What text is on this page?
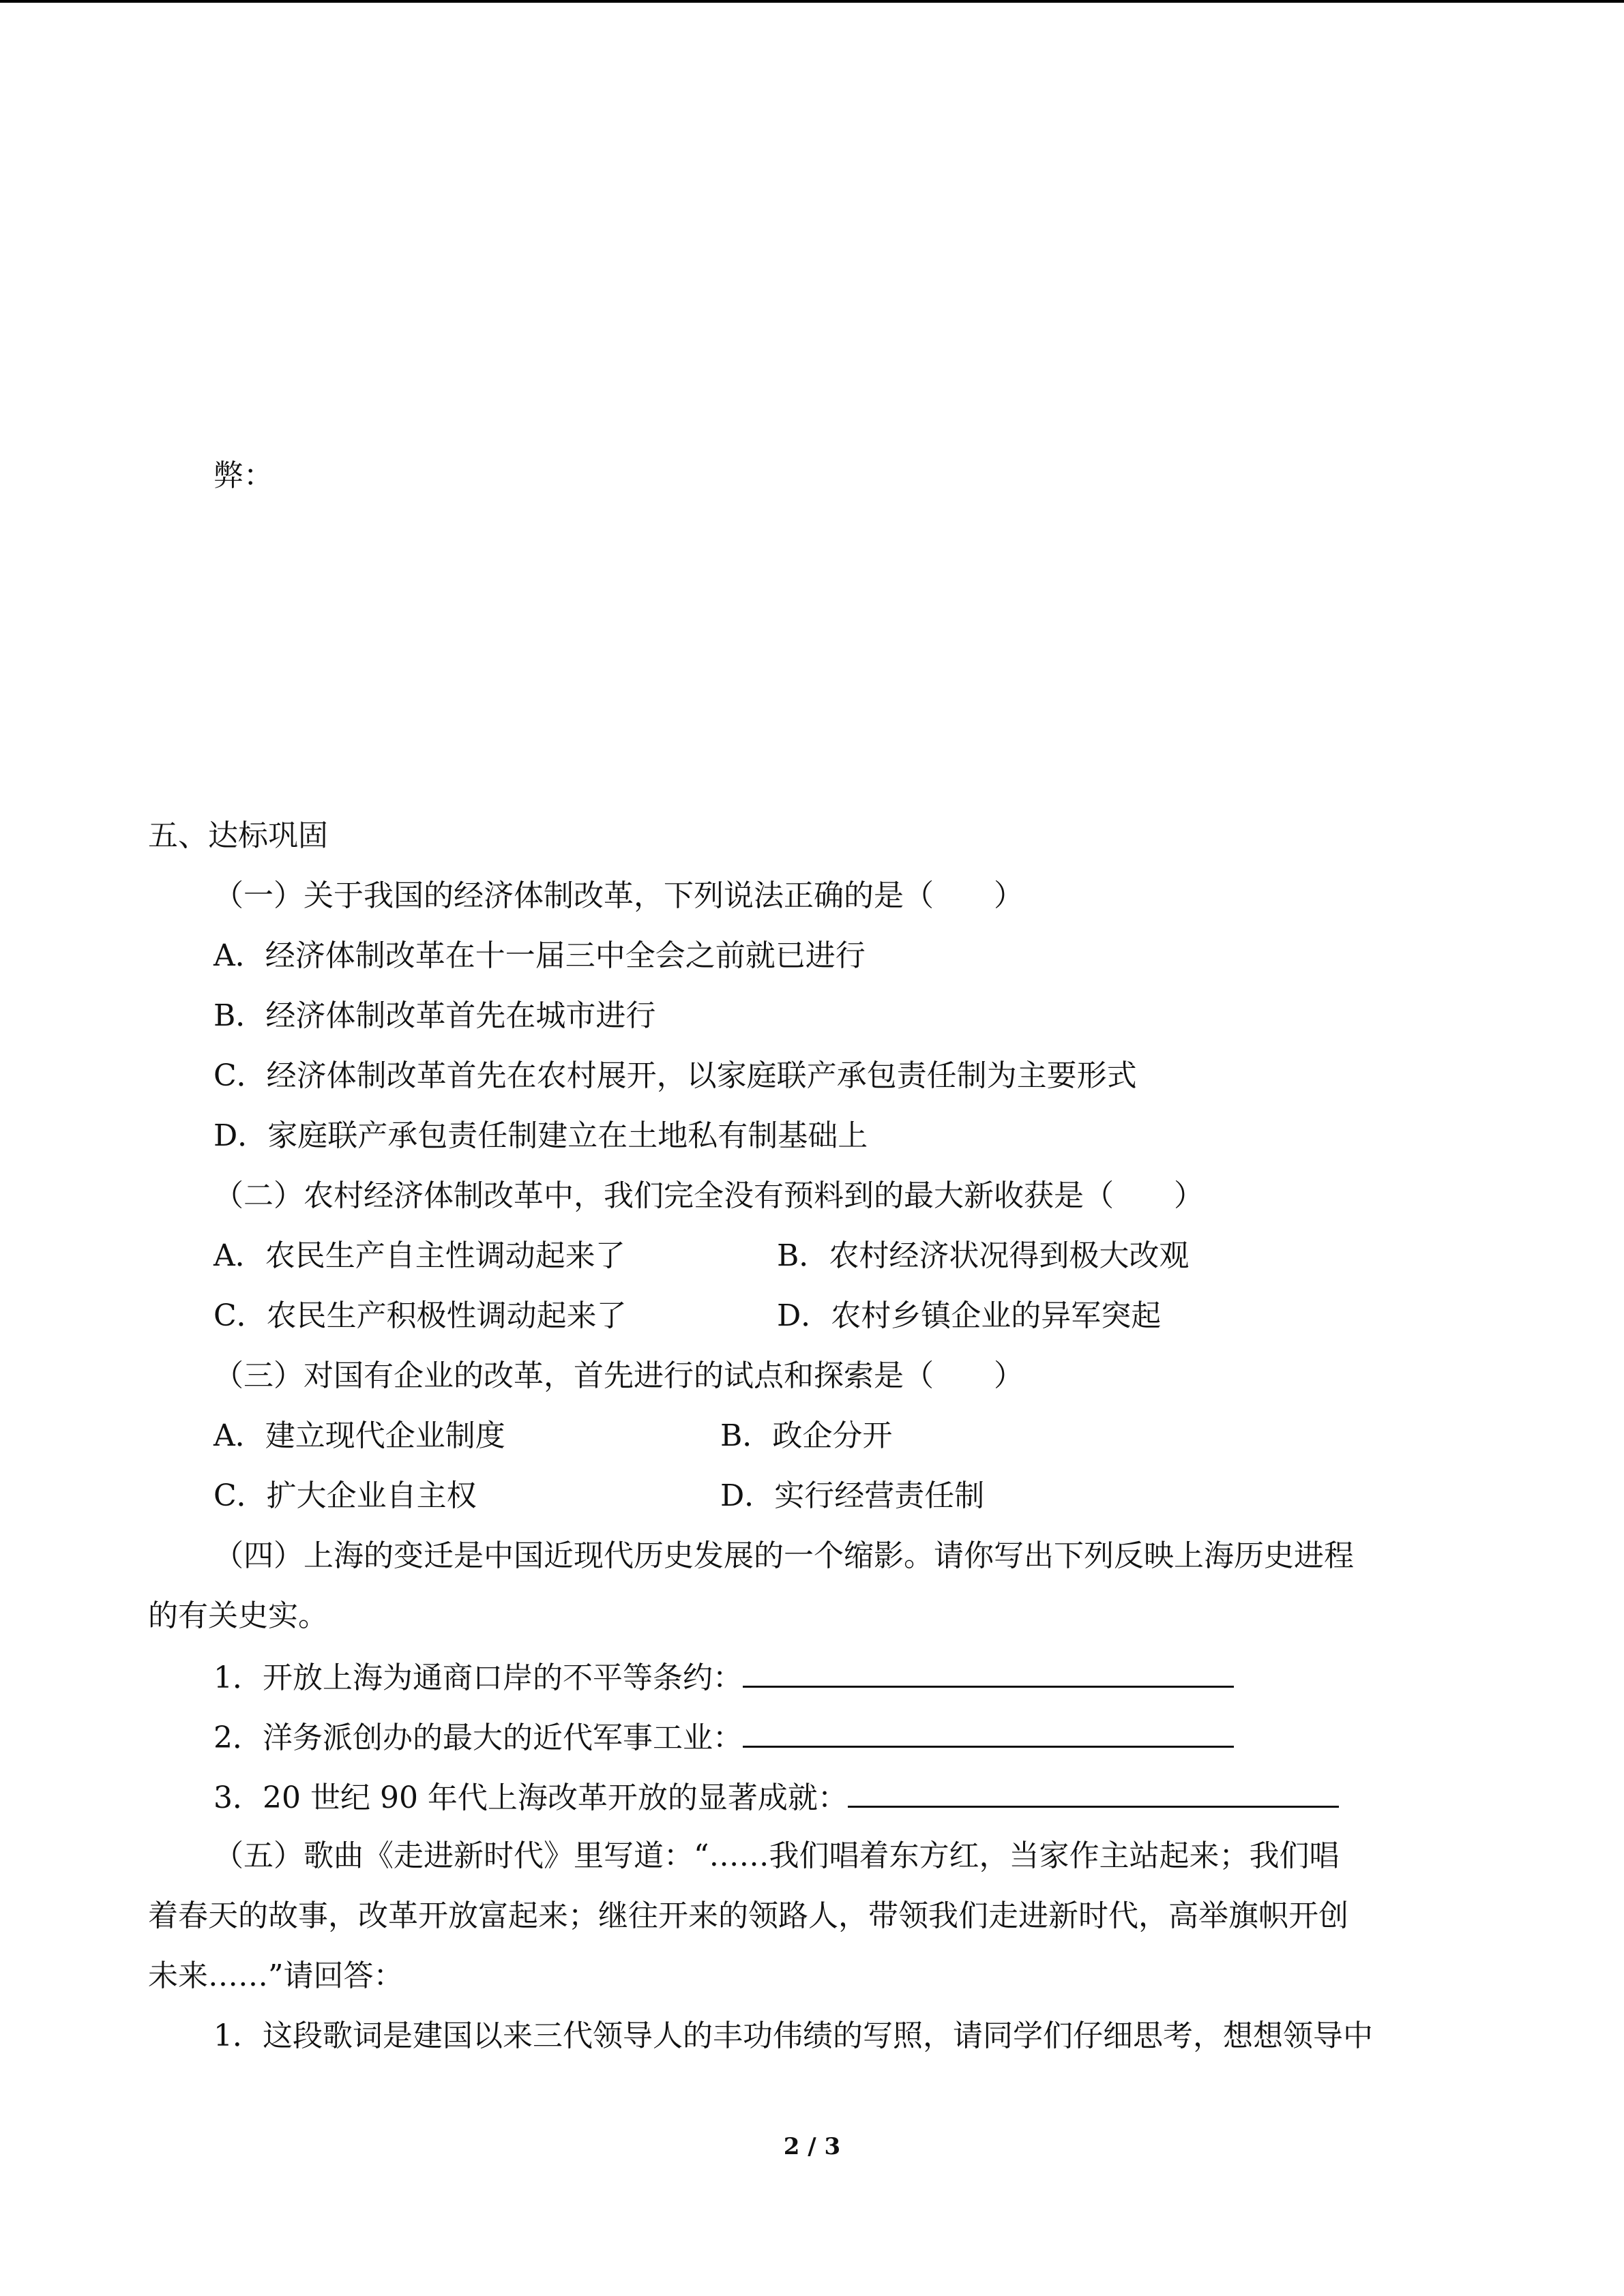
弊：
五、达标巩固
（一）关于我国的经济体制改革，下列说法正确的是（　　）
A．经济体制改革在十一届三中全会之前就已进行
B．经济体制改革首先在城市进行
C．经济体制改革首先在农村展开，以家庭联产承包责任制为主要形式
D．家庭联产承包责任制建立在土地私有制基础上
（二）农村经济体制改革中，我们完全没有预料到的最大新收获是（　　）
A．农民生产自主性调动起来了	B．农村经济状况得到极大改观
C．农民生产积极性调动起来了	D．农村乡镇企业的异军突起
（三）对国有企业的改革，首先进行的试点和探索是（　　）
A．建立现代企业制度	B．政企分开
C．扩大企业自主权	D．实行经营责任制
（四）上海的变迁是中国近现代历史发展的一个缩影。请你写出下列反映上海历史进程
的有关史实。
1．开放上海为通商口岸的不平等条约：
2．洋务派创办的最大的近代军事工业：
3．20 世纪 90 年代上海改革开放的显著成就：
（五）歌曲《走进新时代》里写道：“……我们唱着东方红，当家作主站起来；我们唱
着春天的故事，改革开放富起来；继往开来的领路人，带领我们走进新时代，高举旗帜开创
未来……”请回答：
1．这段歌词是建国以来三代领导人的丰功伟绩的写照，请同学们仔细思考，想想领导中
2 / 3
